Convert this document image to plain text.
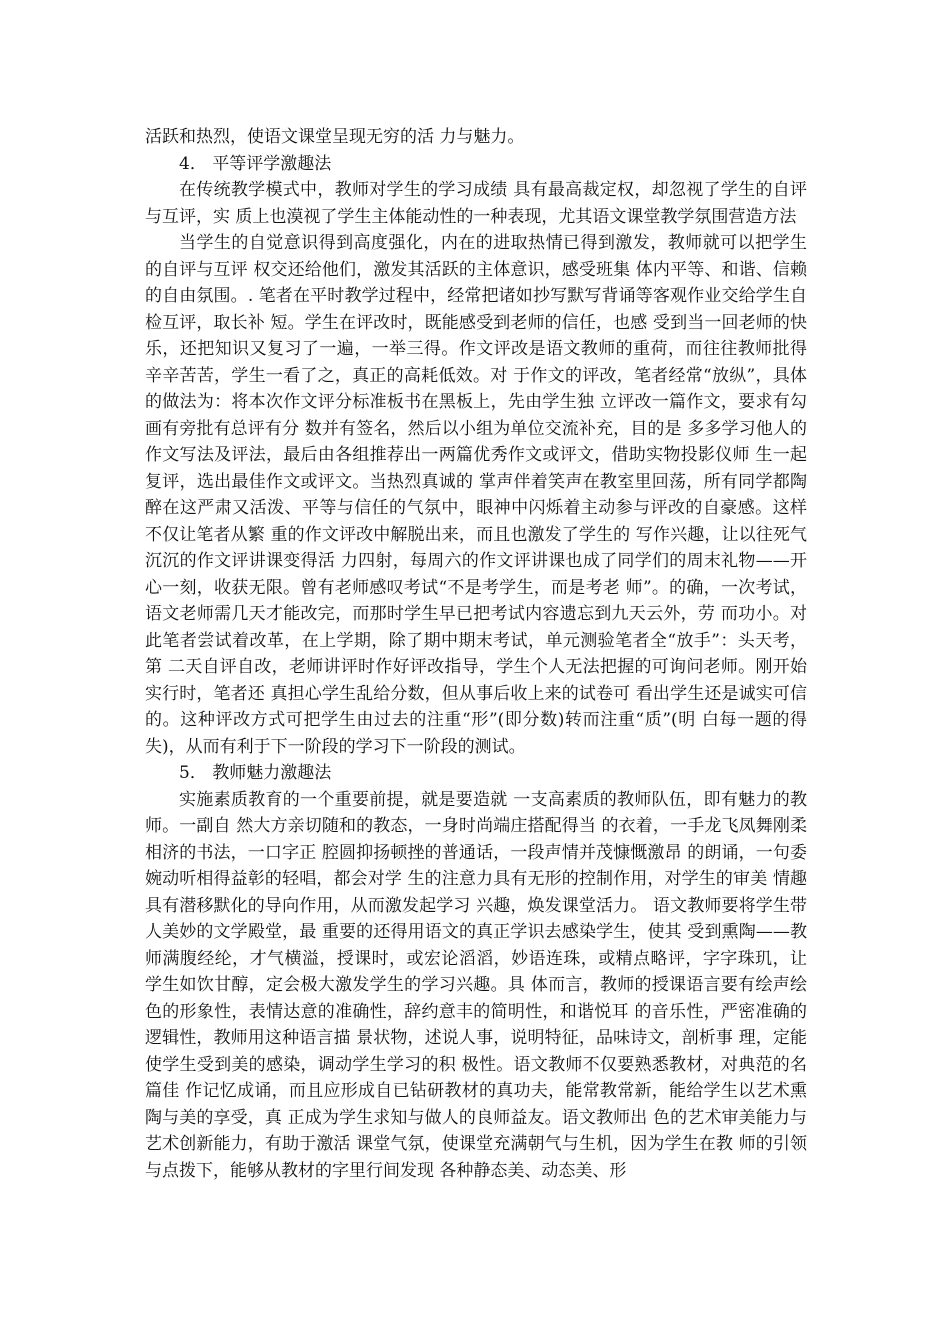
活跃和热烈，使语文课堂呈现无穷的活 力与魅力。

4． 平等评学激趣法

在传统教学模式中，教师对学生的学习成绩 具有最高裁定权，却忽视了学生的自评与互评，实 质上也漠视了学生主体能动性的一种表现，尤其语文课堂教学氛围营造方法

当学生的自觉意识得到高度强化，内在的进取热情已得到激发，教师就可以把学生的自评与互评 权交还给他们，激发其活跃的主体意识，感受班集 体内平等、和谐、信赖的自由氛围。. 笔者在平时教学过程中，经常把诸如抄写默写背诵等客观作业交给学生自检互评，取长补 短。学生在评改时，既能感受到老师的信任，也感 受到当一回老师的快乐，还把知识又复习了一遍，一举三得。作文评改是语文教师的重荷，而往往教师批得辛辛苦苦，学生一看了之，真正的高耗低效。对 于作文的评改，笔者经常“放纵”，具体的做法为：将本次作文评分标准板书在黑板上，先由学生独 立评改一篇作文，要求有勾画有旁批有总评有分 数并有签名，然后以小组为单位交流补充，目的是 多多学习他人的作文写法及评法，最后由各组推荐出一两篇优秀作文或评文，借助实物投影仪师 生一起复评，选出最佳作文或评文。当热烈真诚的 掌声伴着笑声在教室里回荡，所有同学都陶醉在这严肃又活泼、平等与信任的气氛中，眼神中闪烁着主动参与评改的自豪感。这样不仅让笔者从繁 重的作文评改中解脱出来，而且也激发了学生的 写作兴趣，让以往死气沉沉的作文评讲课变得活 力四射，每周六的作文评讲课也成了同学们的周末礼物——开心一刻，收获无限。曾有老师感叹考试“不是考学生，而是考老 师”。的确，一次考试，语文老师需几天才能改完，而那时学生早已把考试内容遗忘到九天云外，劳 而功小。对此笔者尝试着改革，在上学期，除了期中期末考试，单元测验笔者全“放手”：头天考，第 二天自评自改，老师讲评时作好评改指导，学生个人无法把握的可询问老师。刚开始实行时，笔者还 真担心学生乱给分数，但从事后收上来的试卷可 看出学生还是诚实可信的。这种评改方式可把学生由过去的注重“形”(即分数)转而注重“质”(明 白每一题的得失)，从而有利于下一阶段的学习下一阶段的测试。

5． 教师魅力激趣法

实施素质教育的一个重要前提，就是要造就 一支高素质的教师队伍，即有魅力的教师。一副自 然大方亲切随和的教态，一身时尚端庄搭配得当 的衣着，一手龙飞凤舞刚柔相济的书法，一口字正 腔圆抑扬顿挫的普通话，一段声情并茂慷慨激昂 的朗诵，一句委婉动听相得益彰的轻唱，都会对学 生的注意力具有无形的控制作用，对学生的审美 情趣具有潜移默化的导向作用，从而激发起学习 兴趣，焕发课堂活力。 语文教师要将学生带人美妙的文学殿堂，最 重要的还得用语文的真正学识去感染学生，使其 受到熏陶——教师满腹经纶，才气横溢，授课时，或宏论滔滔，妙语连珠，或精点略评，字字珠玑，让 学生如饮甘醇，定会极大激发学生的学习兴趣。具 体而言，教师的授课语言要有绘声绘色的形象性，表情达意的准确性，辞约意丰的简明性，和谐悦耳 的音乐性，严密准确的逻辑性，教师用这种语言描 景状物，述说人事，说明特征，品味诗文，剖析事 理，定能使学生受到美的感染，调动学生学习的积 极性。语文教师不仅要熟悉教材，对典范的名篇佳 作记忆成诵，而且应形成自已钻研教材的真功夫，能常教常新，能给学生以艺术熏陶与美的享受，真 正成为学生求知与做人的良师益友。语文教师出 色的艺术审美能力与艺术创新能力，有助于激活 课堂气氛，使课堂充满朝气与生机，因为学生在教 师的引领与点拨下，能够从教材的字里行间发现 各种静态美、动态美、形
